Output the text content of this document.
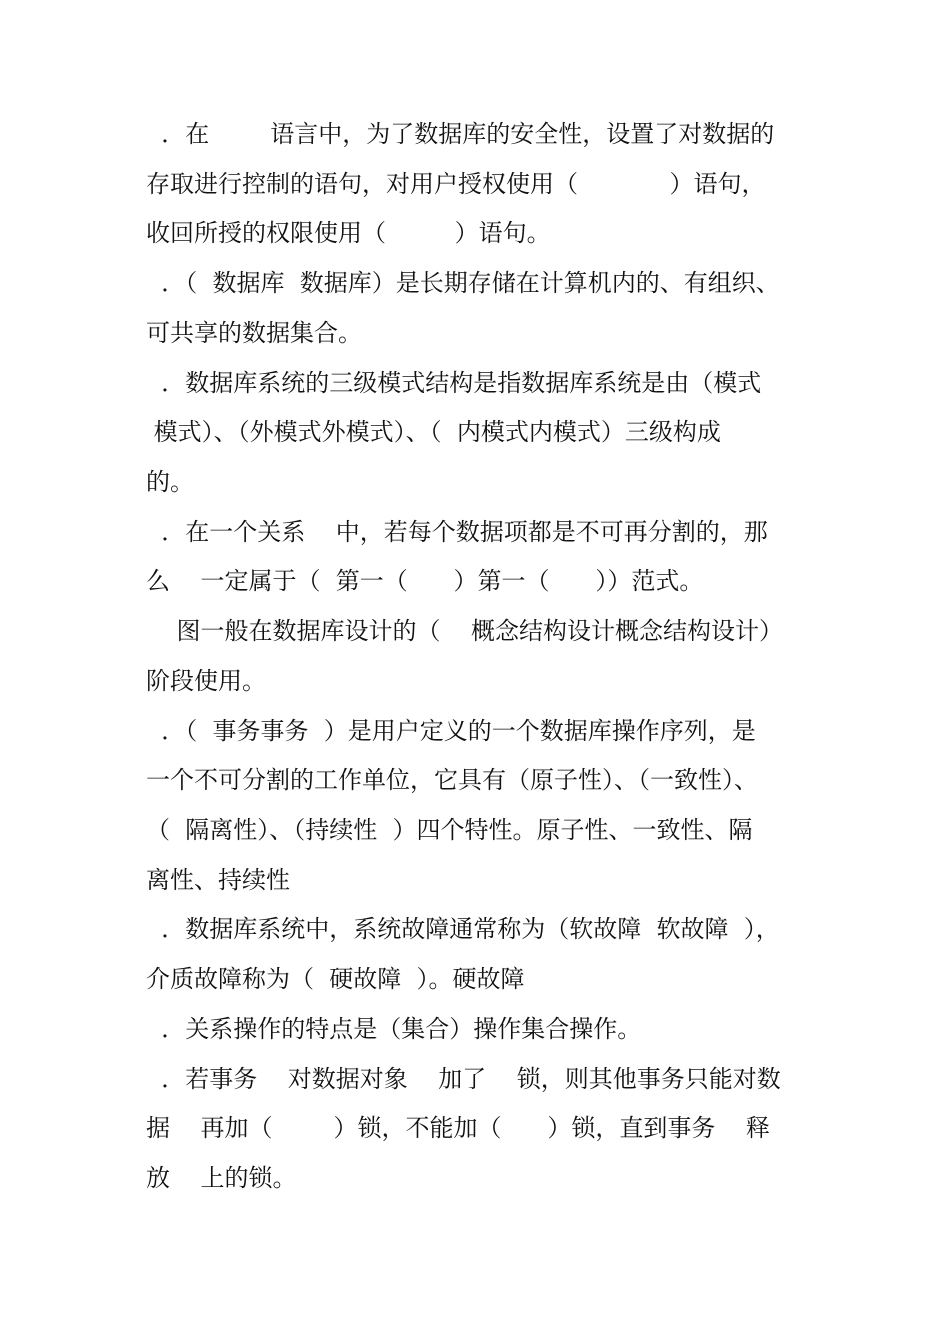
．在        语言中，为了数据库的安全性，设置了对数据的
存取进行控制的语句，对用户授权使用（            ）语句，
收回所授的权限使用（         ）语句。
．（  数据库  数据库）是长期存储在计算机内的、有组织、
可共享的数据集合。
．数据库系统的三级模式结构是指数据库系统是由（模式
模式）、（外模式外模式）、（  内模式内模式）三级构成
的。
．在一个关系    中，若每个数据项都是不可再分割的，那
么    一定属于（  第一（      ）第一（      ））范式。
图一般在数据库设计的（    概念结构设计概念结构设计）
阶段使用。
．（  事务事务  ）是用户定义的一个数据库操作序列，是
一个不可分割的工作单位，它具有（原子性）、（一致性）、
（  隔离性）、（持续性  ）四个特性。原子性、一致性、隔
离性、持续性
．数据库系统中，系统故障通常称为（软故障  软故障  ），
介质故障称为（  硬故障  ）。硬故障
．关系操作的特点是（集合）操作集合操作。
．若事务    对数据对象    加了    锁，则其他事务只能对数
据    再加（        ）锁，不能加（      ）锁，直到事务    释
放    上的锁。
